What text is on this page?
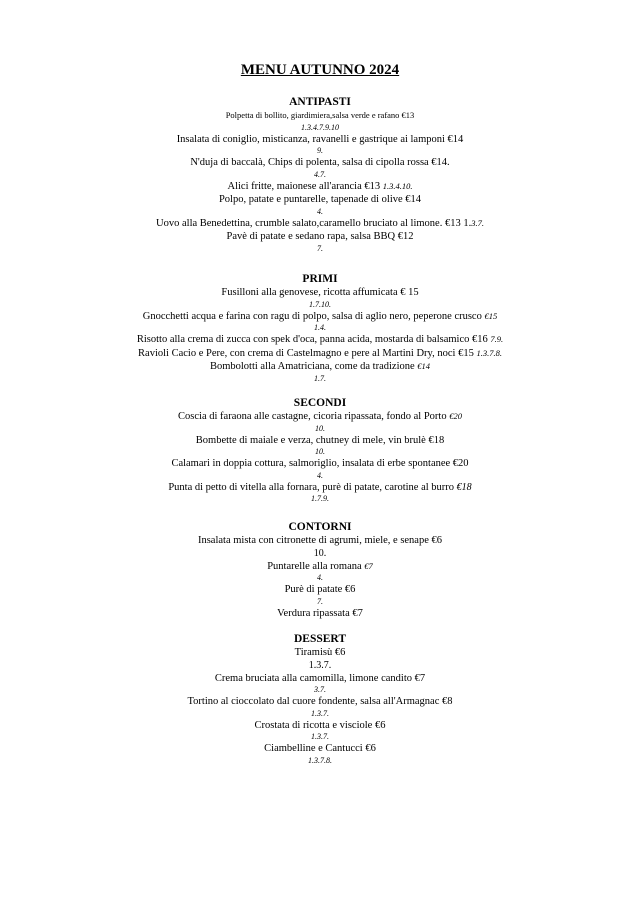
MENU AUTUNNO 2024
ANTIPASTI
Polpetta di bollito, giardimiera,salsa verde e rafano €13
1.3.4.7.9.10
Insalata di coniglio, misticanza, ravanelli e gastrique ai lamponi €14
9.
N'duja di baccalà, Chips di polenta, salsa di cipolla rossa €14.
4.7.
Alici fritte, maionese all'arancia €13 1.3.4.10.
Polpo, patate e puntarelle, tapenade di olive €14
4.
Uovo alla Benedettina, crumble salato,caramello bruciato al limone. €13 1.3.7.
Pavè di patate e sedano rapa, salsa BBQ €12
7.
PRIMI
Fusilloni alla genovese, ricotta affumicata € 15
1.7.10.
Gnocchetti acqua e farina con ragu di polpo, salsa di aglio nero, peperone crusco €15
1.4.
Risotto alla crema di zucca con spek d'oca, panna acida, mostarda di balsamico €16 7.9.
Ravioli Cacio e Pere, con crema di Castelmagno e pere al Martini Dry, noci €15 1.3.7.8.
Bombolotti alla Amatriciana, come da tradizione €14
1.7.
SECONDI
Coscia di faraona alle castagne, cicoria ripassata, fondo al Porto €20
10.
Bombette di maiale e verza, chutney di mele, vin brulè €18
10.
Calamari in doppia cottura, salmoriglio, insalata di erbe spontanee €20
4.
Punta di petto di vitella alla fornara, purè di patate, carotine al burro €18
1.7.9.
CONTORNI
Insalata mista con citronette di agrumi, miele, e senape €6
10.
Puntarelle alla romana €7
4.
Purè di patate €6
7.
Verdura ripassata €7
DESSERT
Tiramisù €6
1.3.7.
Crema bruciata alla camomilla, limone candito €7
3.7.
Tortino al cioccolato dal cuore fondente, salsa all'Armagnac €8
1.3.7.
Crostata di ricotta e visciole €6
1.3.7.
Ciambelline e Cantucci €6
1.3.7.8.
